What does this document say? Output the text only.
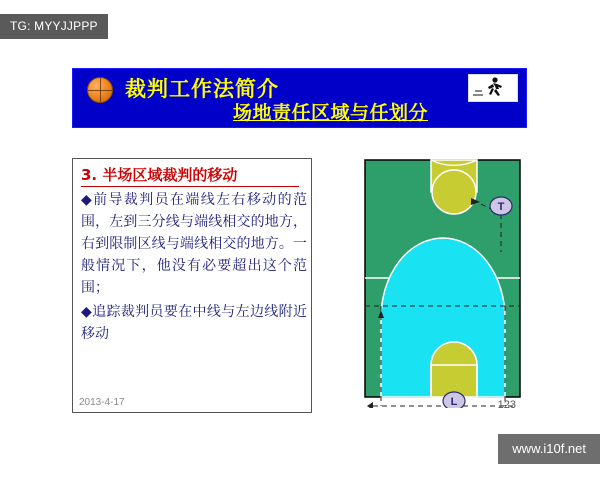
TG: MYYJJPPP
裁判工作法简介
场地责任区域与任划分
3. 半场区域裁判的移动

◆前导裁判员在端线左右移动的范围，左到三分线与端线相交的地方，右到限制区线与端线相交的地方。一般情况下，他没有必要超出这个范围；

◆追踪裁判员要在中线与左边线附近移动

2013-4-17
T
L	123
www.i10f.net
